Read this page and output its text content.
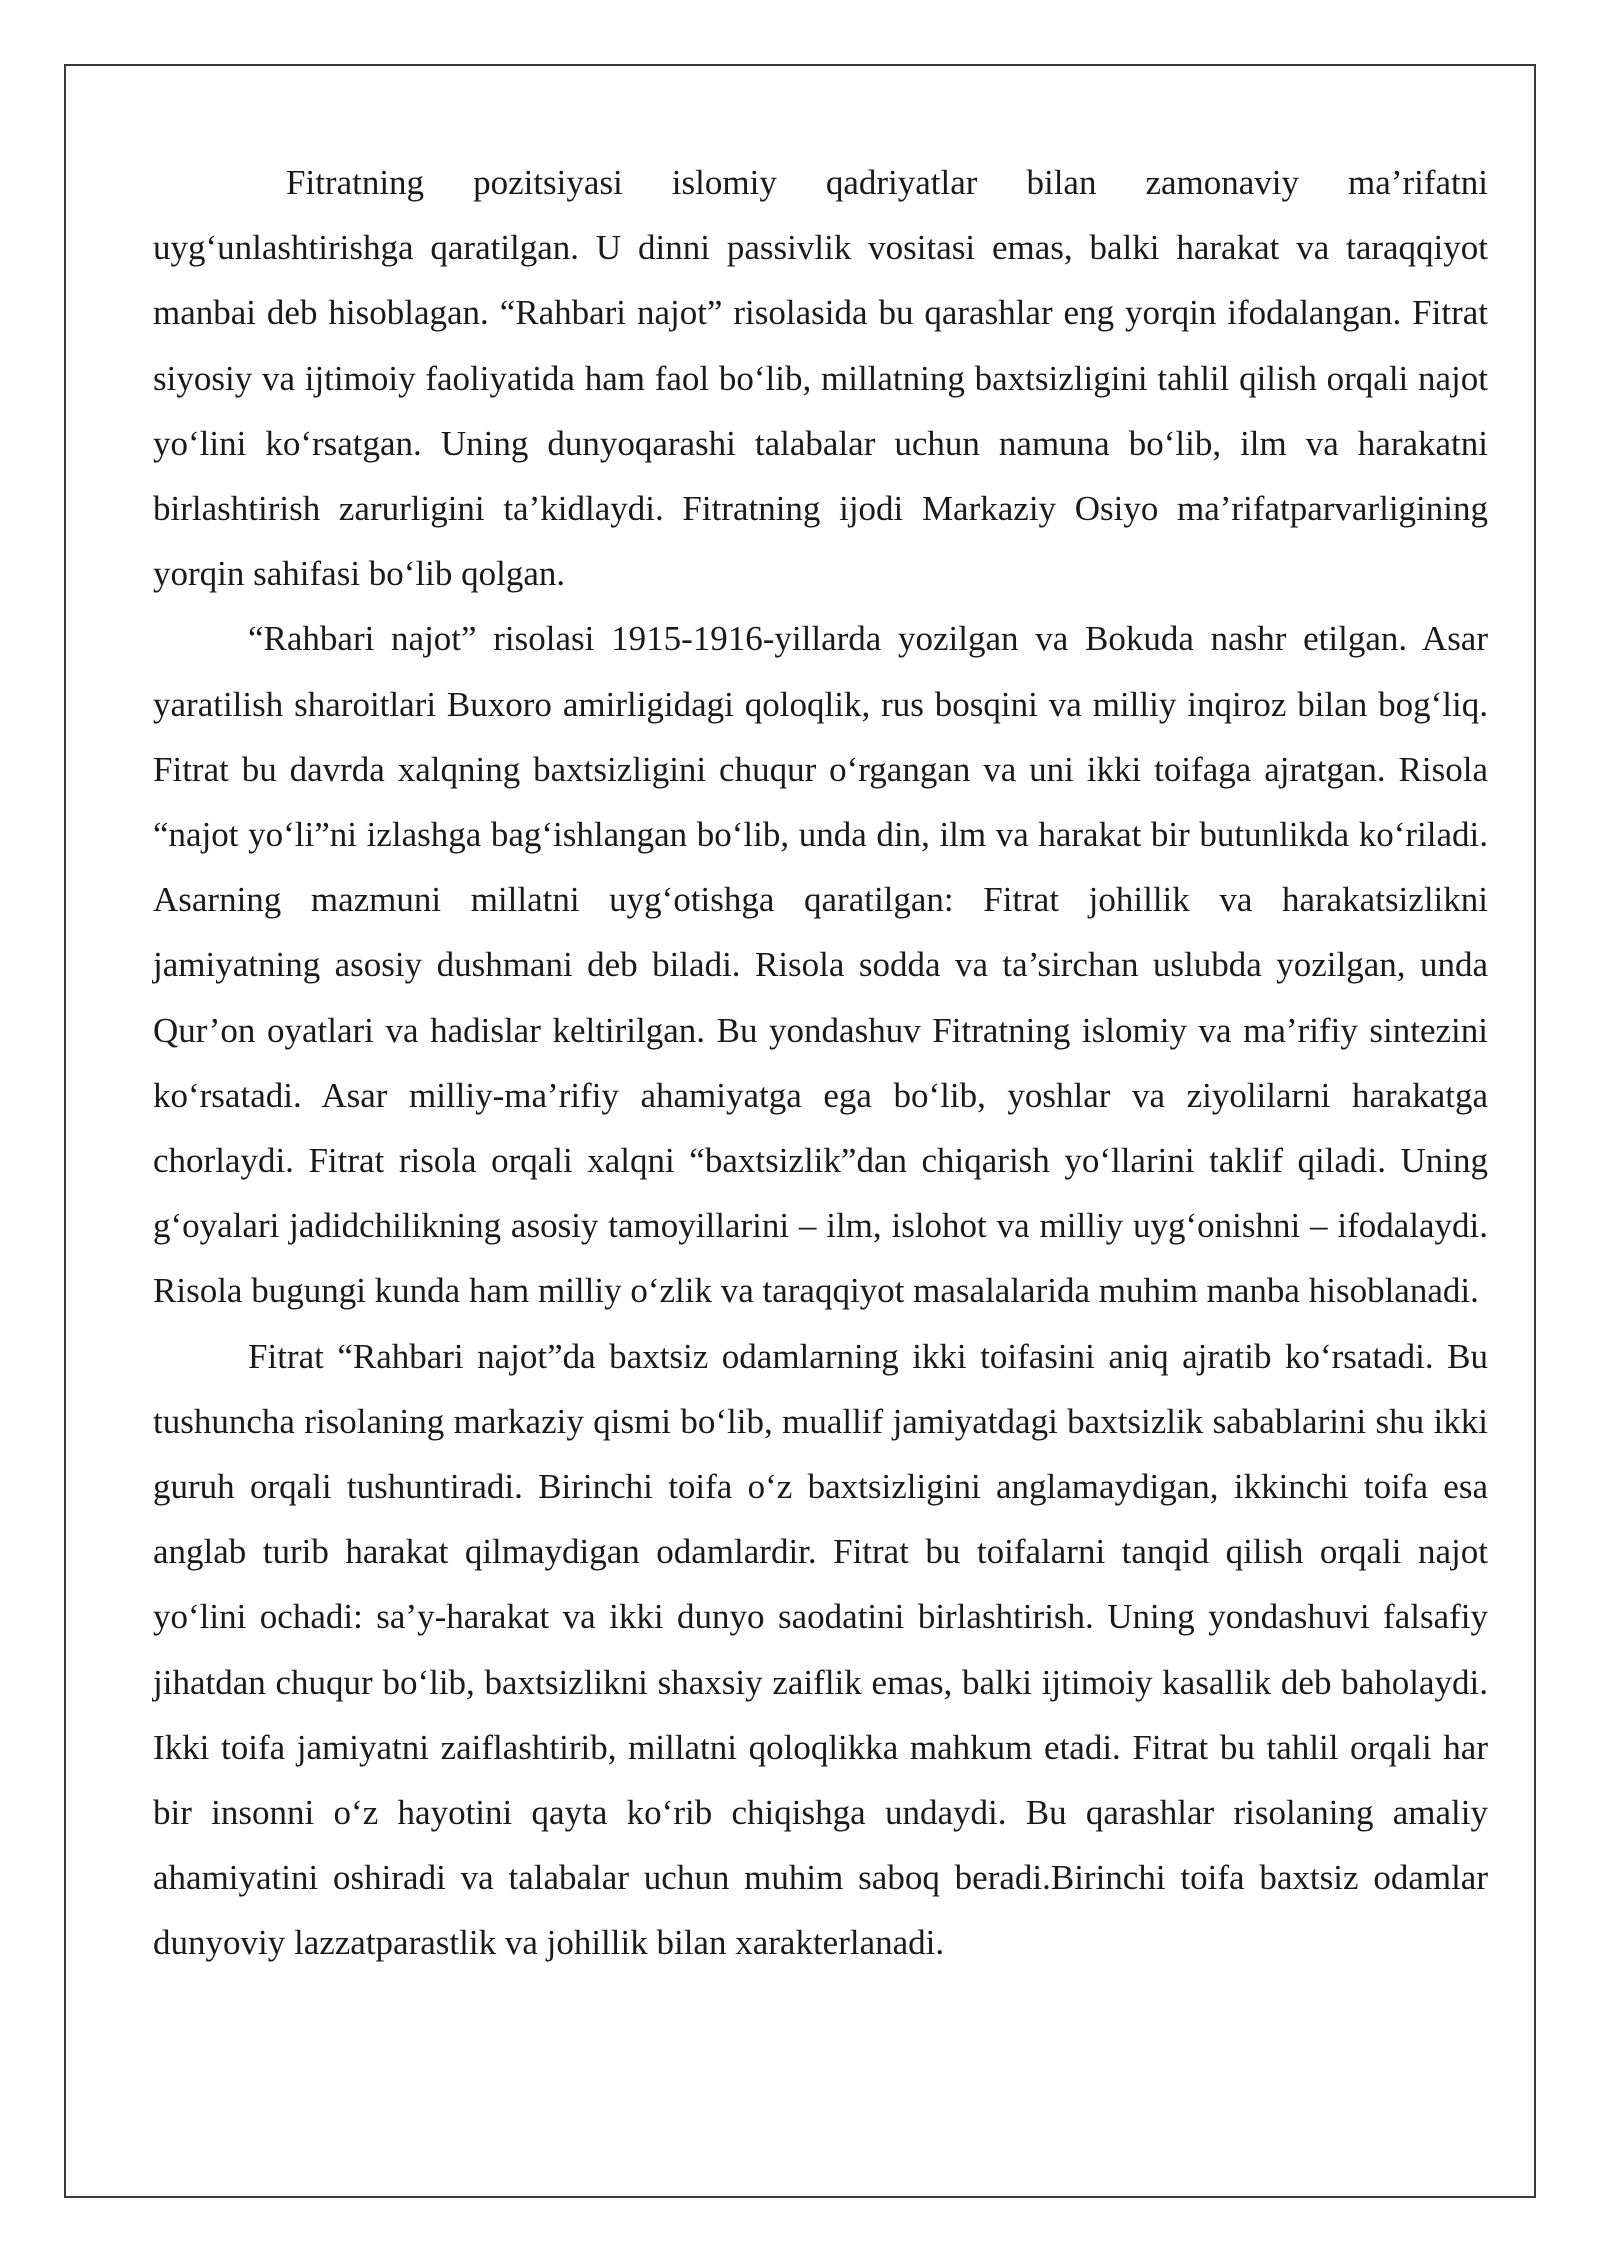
Fitratning pozitsiyasi islomiy qadriyatlar bilan zamonaviy ma’rifatni uyg‘unlashtirishga qaratilgan. U dinni passivlik vositasi emas, balki harakat va taraqqiyot manbai deb hisoblagan. “Rahbari najot” risolasida bu qarashlar eng yorqin ifodalangan. Fitrat siyosiy va ijtimoiy faoliyatida ham faol bo‘lib, millatning baxtsizligini tahlil qilish orqali najot yo‘lini ko‘rsatgan. Uning dunyoqarashi talabalar uchun namuna bo‘lib, ilm va harakatni birlashtirish zarurligini ta’kidlaydi. Fitratning ijodi Markaziy Osiyo ma’rifatparvarligining yorqin sahifasi bo‘lib qolgan.

“Rahbari najot” risolasi 1915-1916-yillarda yozilgan va Bokuda nashr etilgan. Asar yaratilish sharoitlari Buxoro amirligidagi qoloqlik, rus bosqini va milliy inqiroz bilan bog‘liq. Fitrat bu davrda xalqning baxtsizligini chuqur o‘rgangan va uni ikki toifaga ajratgan. Risola “najot yo‘li”ni izlashga bag‘ishlangan bo‘lib, unda din, ilm va harakat bir butunlikda ko‘riladi. Asarning mazmuni millatni uyg‘otishga qaratilgan: Fitrat johillik va harakatsizlikni jamiyatning asosiy dushmani deb biladi. Risola sodda va ta’sirchan uslubda yozilgan, unda Qur’on oyatlari va hadislar keltirilgan. Bu yondashuv Fitratning islomiy va ma’rifiy sintezini ko‘rsatadi. Asar milliy-ma’rifiy ahamiyatga ega bo‘lib, yoshlar va ziyolilarni harakatga chorlaydi. Fitrat risola orqali xalqni “baxtsizlik”dan chiqarish yo‘llarini taklif qiladi. Uning g‘oyalari jadidchilikning asosiy tamoyillarini – ilm, islohot va milliy uyg‘onishni – ifodalaydi. Risola bugungi kunda ham milliy o‘zlik va taraqqiyot masalalarida muhim manba hisoblanadi.

Fitrat “Rahbari najot”da baxtsiz odamlarning ikki toifasini aniq ajratib ko‘rsatadi. Bu tushuncha risolaning markaziy qismi bo‘lib, muallif jamiyatdagi baxtsizlik sabablarini shu ikki guruh orqali tushuntiradi. Birinchi toifa o‘z baxtsizligini anglamaydigan, ikkinchi toifa esa anglab turib harakat qilmaydigan odamlardir. Fitrat bu toifalarni tanqid qilish orqali najot yo‘lini ochadi: sa’y-harakat va ikki dunyo saodatini birlashtirish. Uning yondashuvi falsafiy jihatdan chuqur bo‘lib, baxtsizlikni shaxsiy zaiflik emas, balki ijtimoiy kasallik deb baholaydi. Ikki toifa jamiyatni zaiflashtirib, millatni qoloqlikka mahkum etadi. Fitrat bu tahlil orqali har bir insonni o‘z hayotini qayta ko‘rib chiqishga undaydi. Bu qarashlar risolaning amaliy ahamiyatini oshiradi va talabalar uchun muhim saboq beradi.Birinchi toifa baxtsiz odamlar dunyoviy lazzatparastlik va johillik bilan xarakterlanadi.
